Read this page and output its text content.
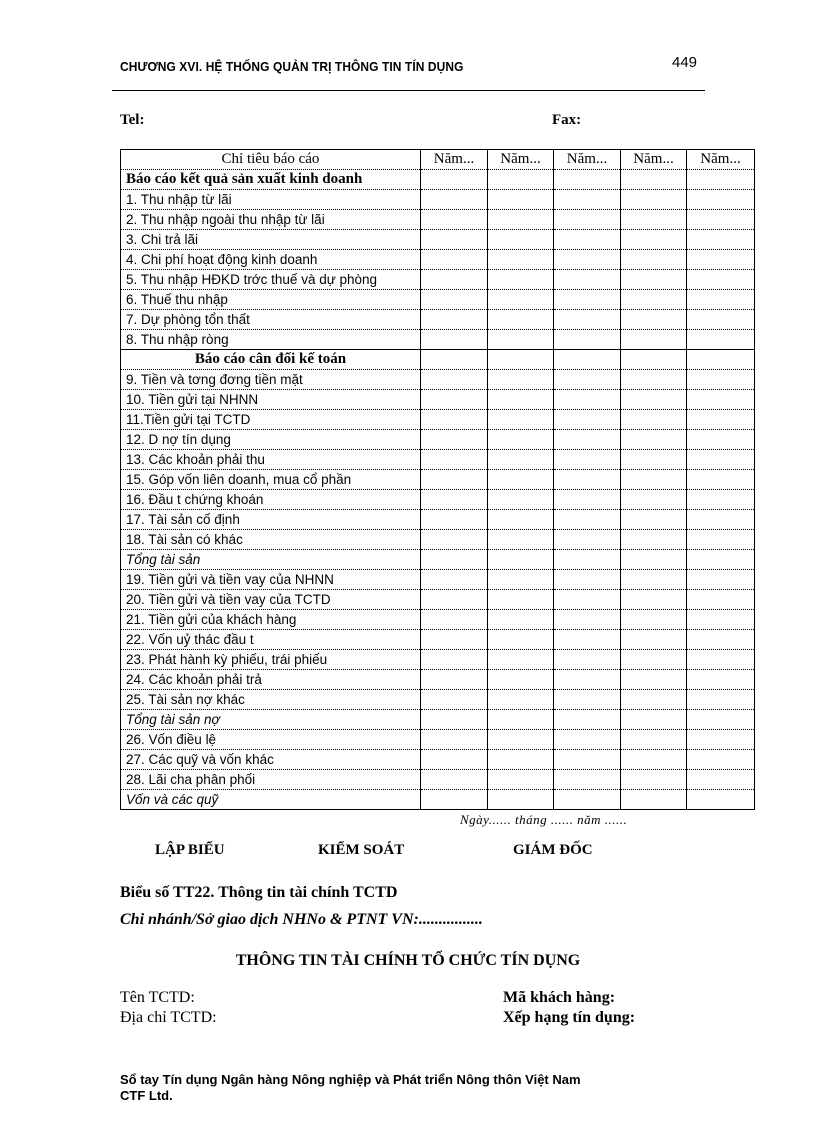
CHƯƠNG XVI. HỆ THỐNG QUẢN TRỊ THÔNG TIN TÍN DỤNG	449
Tel:	Fax:
Chỉ tiêu báo cáo	Năm...	Năm...	Năm...	Năm...	Năm...
Báo cáo kết quả sản xuất kinh doanh					
1. Thu nhập từ lãi					
2. Thu nhập ngoài thu nhập từ lãi					
3. Chi trả lãi					
4. Chi phí hoạt động kinh doanh					
5. Thu nhập HĐKD trớc thuế và dự phòng					
6. Thuế thu nhập					
7. Dự phòng tổn thất					
8. Thu nhập ròng					
Báo cáo cân đối kế toán					
9. Tiền và tơng đơng tiền mặt					
10. Tiền gửi tại NHNN					
11.Tiền gửi tại TCTD					
12. D nợ tín dụng					
13. Các khoản phải thu					
15. Góp vốn liên doanh, mua cổ phần					
16. Đầu t chứng khoán					
17. Tài sản cố định					
18. Tài sản có khác					
Tổng tài sản					
19. Tiền gửi và tiền vay của NHNN					
20. Tiền gửi và tiền vay của TCTD					
21. Tiền gửi của khách hàng					
22. Vốn uỷ thác đầu t					
23. Phát hành kỳ phiếu, trái phiếu					
24. Các khoản phải trả					
25. Tài sản nợ khác					
Tổng tài sản nợ					
26. Vốn điều lệ					
27. Các quỹ và vốn khác					
28. Lãi cha phân phối					
Vốn và các quỹ					
Ngày...... tháng ...... năm ......
LẬP BIỂU	KIỂM SOÁT	GIÁM ĐỐC
Biểu số TT22. Thông tin tài chính TCTD
Chi nhánh/Sở giao dịch NHNo & PTNT VN:................
THÔNG TIN TÀI CHÍNH TỔ CHỨC TÍN DỤNG
Tên TCTD:
Địa chỉ TCTD:
Mã khách hàng:
Xếp hạng tín dụng:
Sổ tay Tín dụng Ngân hàng Nông nghiệp và Phát triển Nông thôn Việt Nam
CTF Ltd.
